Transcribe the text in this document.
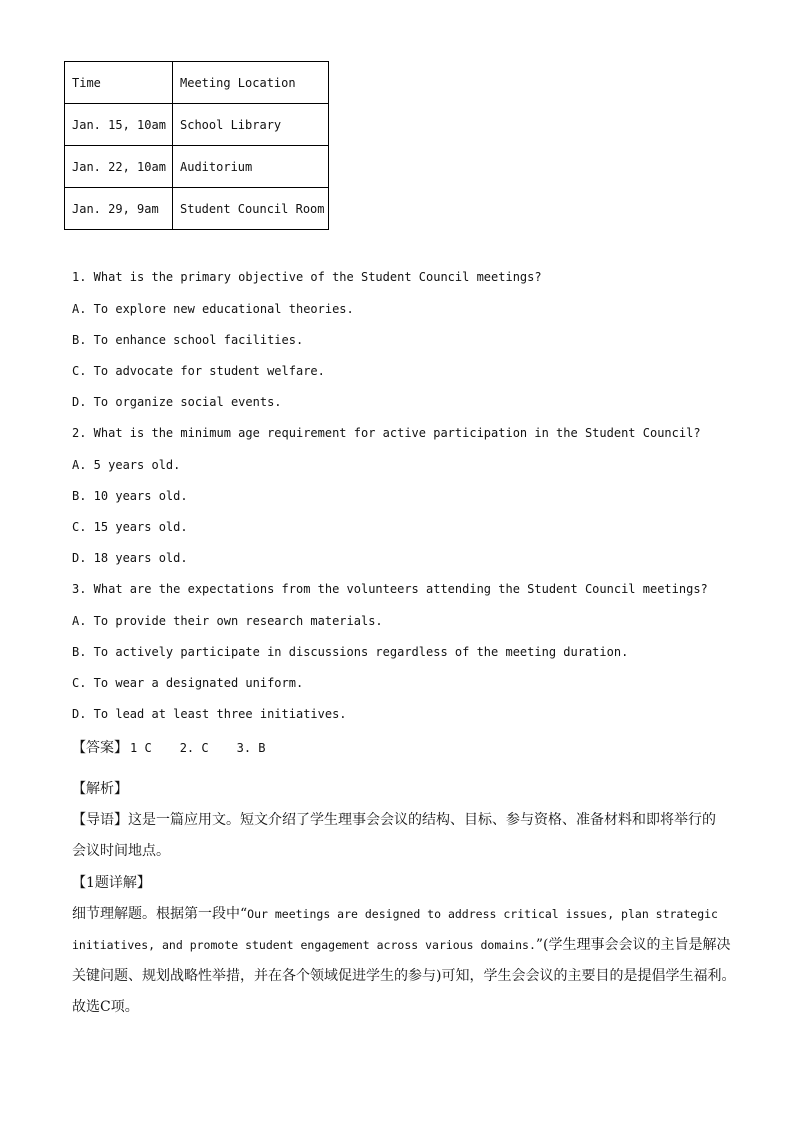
Time	Meeting Location
Jan. 15, 10am	School Library
Jan. 22, 10am	Auditorium
Jan. 29, 9am	Student Council Room
1. What is the primary objective of the Student Council meetings?
A. To explore new educational theories.
B. To enhance school facilities.
C. To advocate for student welfare.
D. To organize social events.
2. What is the minimum age requirement for active participation in the Student Council?
A. 5 years old.
B. 10 years old.
C. 15 years old.
D. 18 years old.
3. What are the expectations from the volunteers attending the Student Council meetings?
A. To provide their own research materials.
B. To actively participate in discussions regardless of the meeting duration.
C. To wear a designated uniform.
D. To lead at least three initiatives.
【答案】 1 C 2. C 3. B
【解析】
【导语】这是一篇应用文。短文介绍了学生理事会会议的结构、目标、参与资格、准备材料和即将举行的
会议时间地点。
【1题详解】
细节理解题。根据第一段中“Our meetings are designed to address critical issues, plan strategic
initiatives, and promote student engagement across various domains.”(学生理事会会议的主旨是解决
关键问题、规划战略性举措，并在各个领域促进学生的参与)可知，学生会会议的主要目的是提倡学生福利。
故选C项。
